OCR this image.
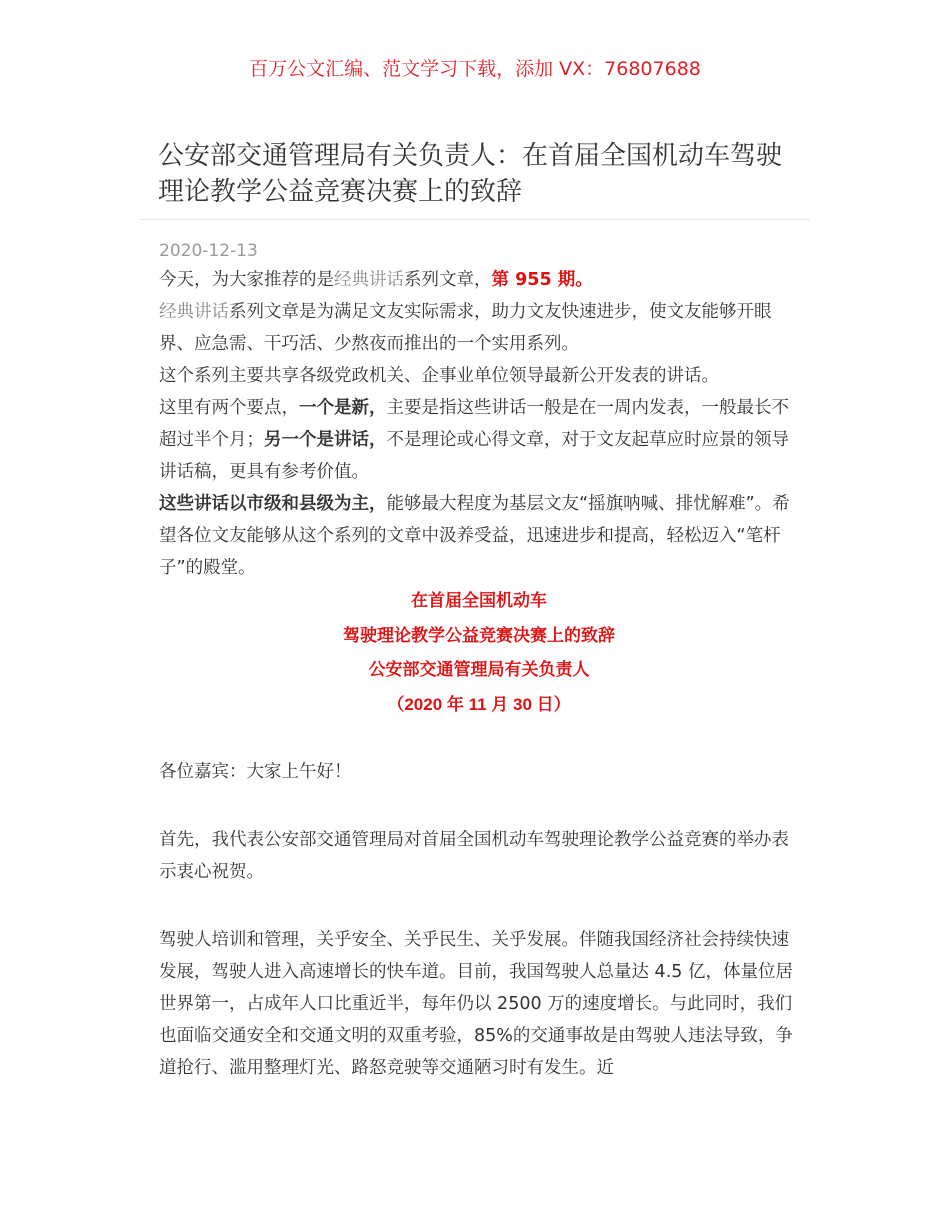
百万公文汇编、范文学习下载，添加 VX：76807688
公安部交通管理局有关负责人：在首届全国机动车驾驶理论教学公益竞赛决赛上的致辞
2020-12-13

今天，为大家推荐的是经典讲话系列文章，第 955 期。

经典讲话系列文章是为满足文友实际需求，助力文友快速进步，使文友能够开眼界、应急需、干巧活、少熬夜而推出的一个实用系列。

这个系列主要共享各级党政机关、企事业单位领导最新公开发表的讲话。

这里有两个要点，一个是新，主要是指这些讲话一般是在一周内发表，一般最长不超过半个月；另一个是讲话，不是理论或心得文章，对于文友起草应时应景的领导讲话稿，更具有参考价值。

这些讲话以市级和县级为主，能够最大程度为基层文友“摇旗呐喊、排忧解难”。希望各位文友能够从这个系列的文章中汲养受益，迅速进步和提高，轻松迈入“笔杆子”的殿堂。

在首届全国机动车
驾驶理论教学公益竞赛决赛上的致辞
公安部交通管理局有关负责人
（2020 年 11 月 30 日）

各位嘉宾：大家上午好！

首先，我代表公安部交通管理局对首届全国机动车驾驶理论教学公益竞赛的举办表示衷心祝贺。

驾驶人培训和管理，关乎安全、关乎民生、关乎发展。伴随我国经济社会持续快速发展，驾驶人进入高速增长的快车道。目前，我国驾驶人总量达 4.5 亿，体量位居世界第一，占成年人口比重近半，每年仍以 2500 万的速度增长。与此同时，我们也面临交通安全和交通文明的双重考验，85%的交通事故是由驾驶人违法导致，争道抢行、滥用整理灯光、路怒竞驶等交通陋习时有发生。近
